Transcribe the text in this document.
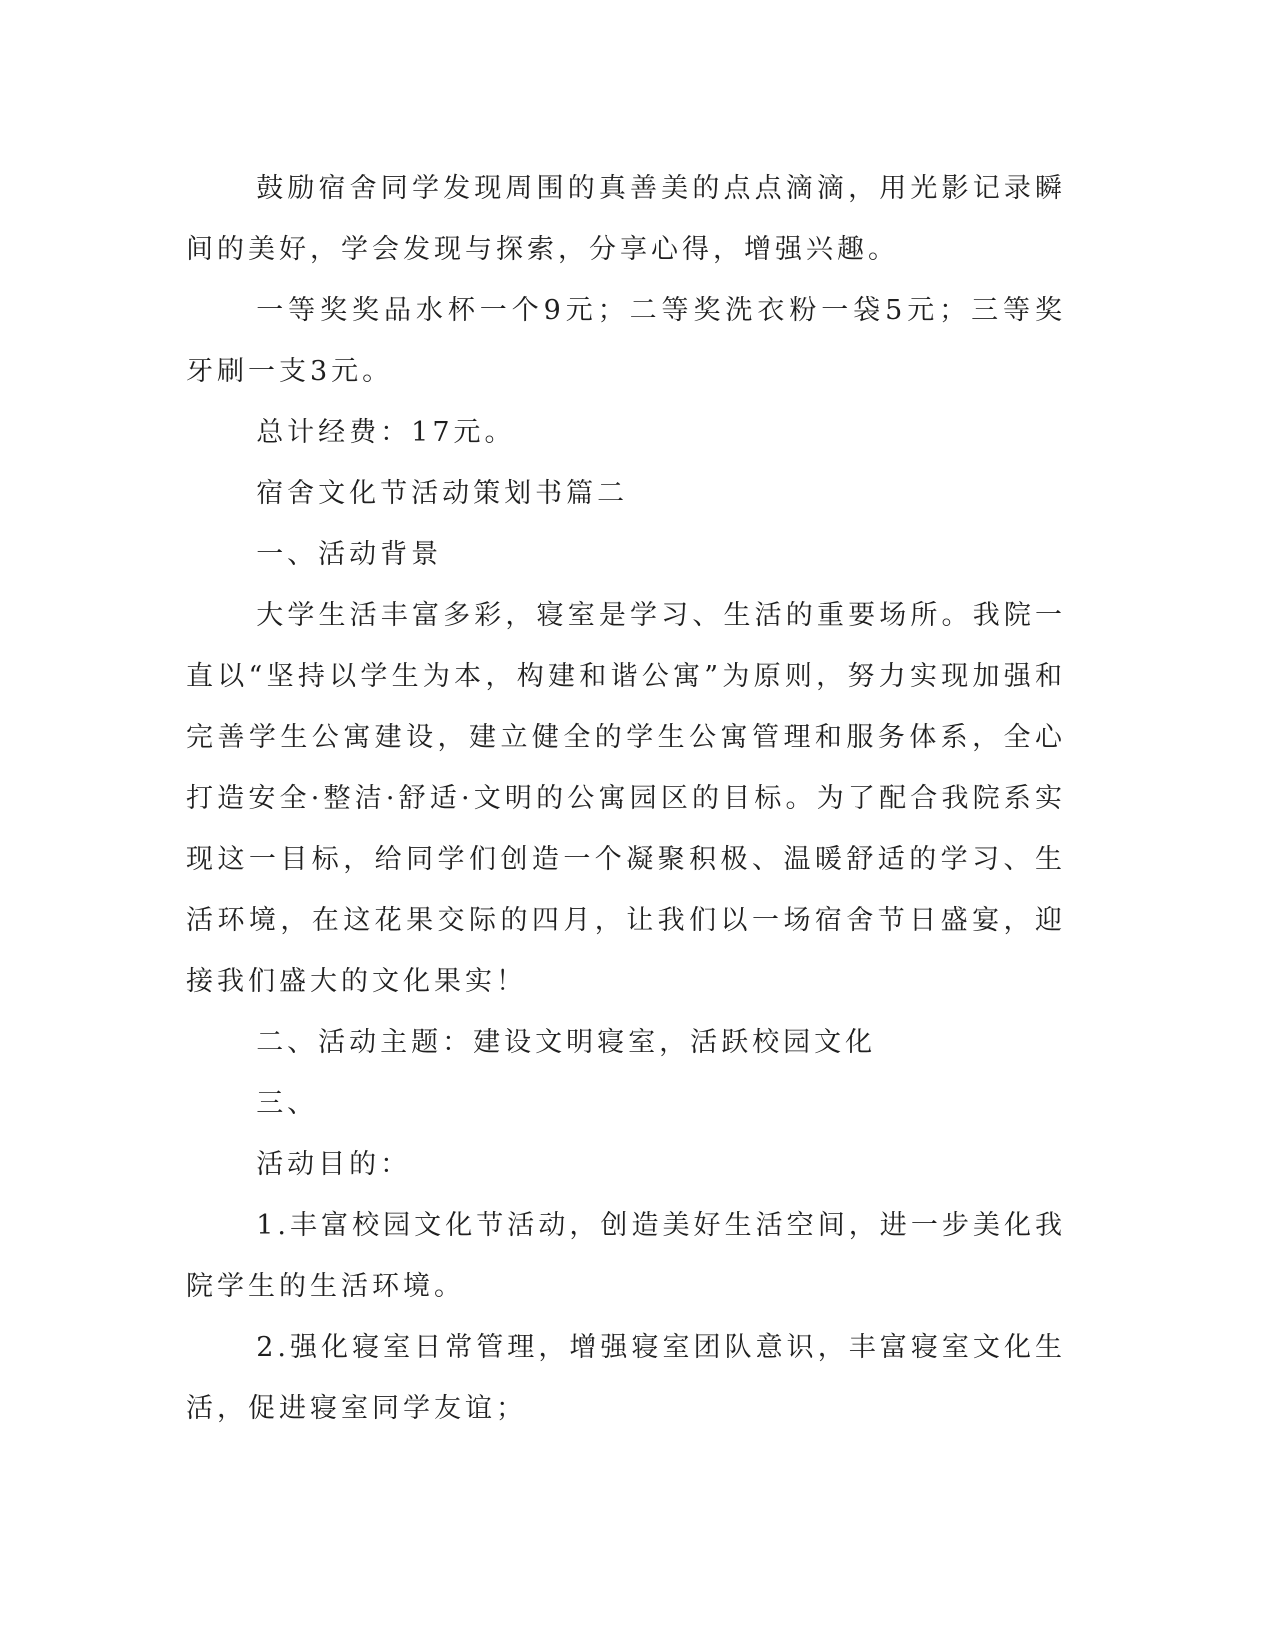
鼓励宿舍同学发现周围的真善美的点点滴滴，用光影记录瞬间的美好，学会发现与探索，分享心得，增强兴趣。

一等奖奖品水杯一个9元；二等奖洗衣粉一袋5元；三等奖牙刷一支3元。

总计经费：17元。

宿舍文化节活动策划书篇二

一、活动背景

大学生活丰富多彩，寝室是学习、生活的重要场所。我院一直以“坚持以学生为本，构建和谐公寓”为原则，努力实现加强和完善学生公寓建设，建立健全的学生公寓管理和服务体系，全心打造安全·整洁·舒适·文明的公寓园区的目标。为了配合我院系实现这一目标，给同学们创造一个凝聚积极、温暖舒适的学习、生活环境，在这花果交际的四月，让我们以一场宿舍节日盛宴，迎接我们盛大的文化果实！

二、活动主题：建设文明寝室，活跃校园文化

三、

活动目的：

1.丰富校园文化节活动，创造美好生活空间，进一步美化我院学生的生活环境。

2.强化寝室日常管理，增强寝室团队意识，丰富寝室文化生活，促进寝室同学友谊；
